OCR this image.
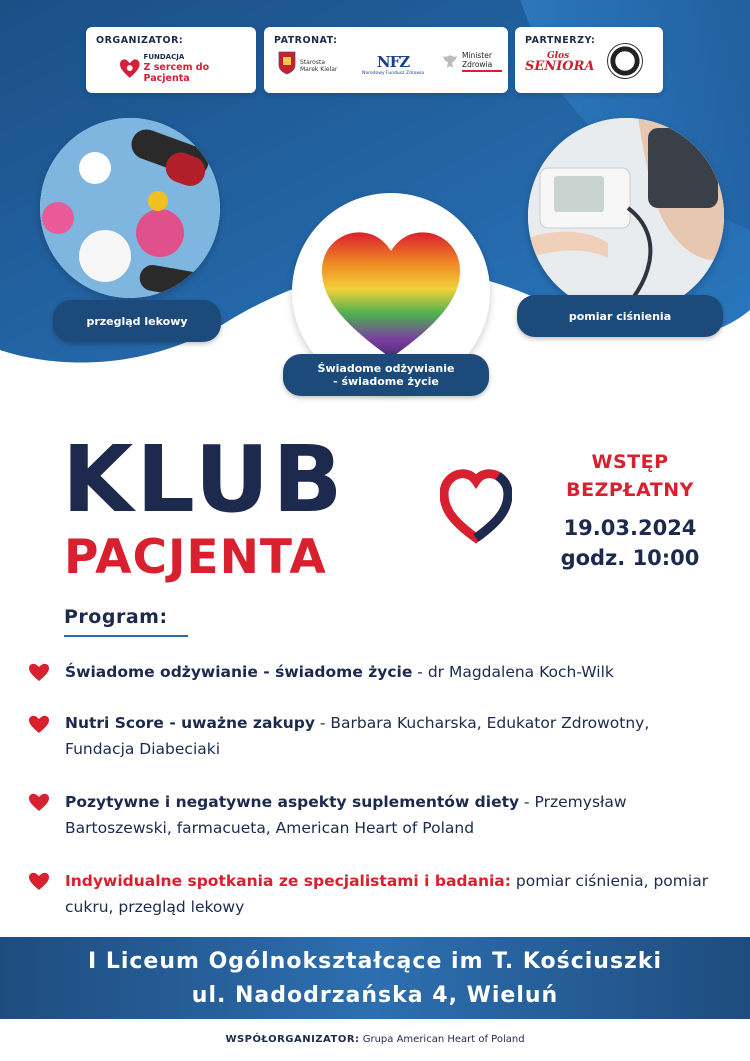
ORGANIZATOR:
FUNDACJA
Z sercem do Pacjenta
PATRONAT:
Starosta
Marek Kielar	NFZ
Narodowy Fundusz Zdrowia
Minister
Zdrowia
PARTNERZY:
Głos
SENIORA
przegląd lekowy
Świadome odżywianie
- świadome życie
pomiar ciśnienia
KLUB
PACJENTA
WSTĘP
BEZPŁATNY
19.03.2024
godz. 10:00
Program:
Świadome odżywianie - świadome życie - dr Magdalena Koch-Wilk
Nutri Score - uważne zakupy - Barbara Kucharska, Edukator Zdrowotny, Fundacja Diabeciaki
Pozytywne i negatywne aspekty suplementów diety - Przemysław Bartoszewski, farmacueta, American Heart of Poland
Indywidualne spotkania ze specjalistami i badania: pomiar ciśnienia, pomiar cukru, przegląd lekowy
I Liceum Ogólnokształcące im T. Kościuszki
ul. Nadodrzańska 4, Wieluń
WSPÓŁORGANIZATOR: Grupa American Heart of Poland
